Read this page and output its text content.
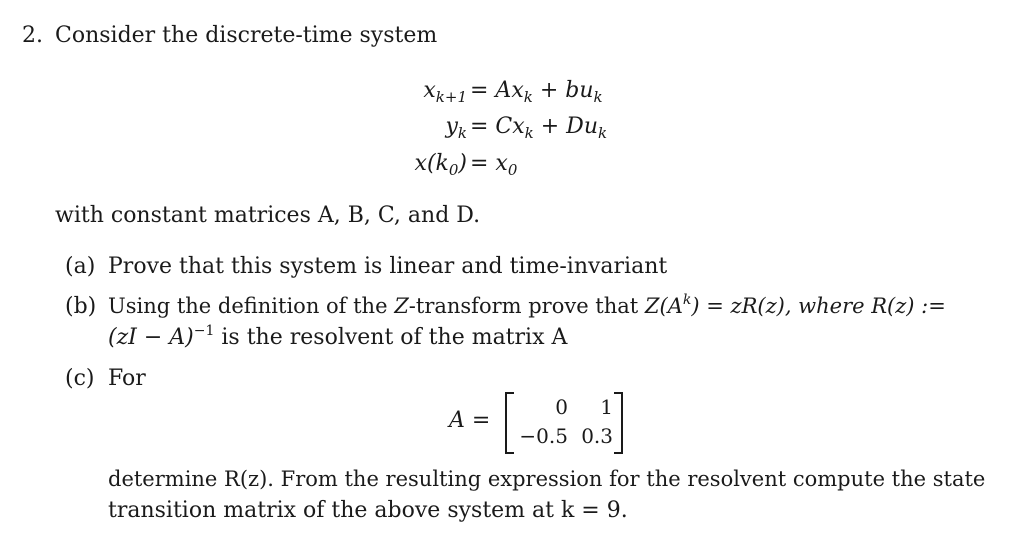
2. Consider the discrete-time system
$x_{k+1} = Ax_k + bu_k$
$y_k = Cx_k + Du_k$
$x(k_0) = x_0$
with constant matrices A, B, C, and D.
(a) Prove that this system is linear and time-invariant
(b) Using the definition of the Z-transform prove that $Z(A^k) = zR(z)$, where R(z) :=
(zI − A)$^{-1}$ is the resolvent of the matrix A
(c) For
A =
0	1
−0.5 0.3
determine R(z). From the resulting expression for the resolvent compute the state
transition matrix of the above system at k = 9.
